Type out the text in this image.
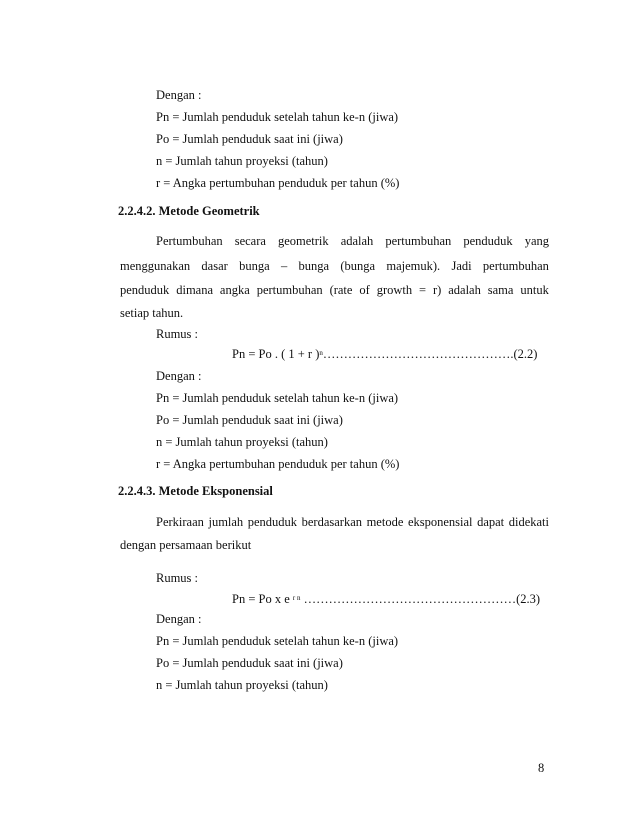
Dengan :
Pn = Jumlah penduduk setelah tahun ke-n (jiwa)
Po = Jumlah penduduk saat ini (jiwa)
n = Jumlah tahun proyeksi (tahun)
r = Angka pertumbuhan penduduk per tahun (%)
2.2.4.2. Metode Geometrik
Pertumbuhan secara geometrik adalah pertumbuhan penduduk yang
menggunakan dasar bunga – bunga (bunga majemuk). Jadi pertumbuhan
penduduk dimana angka pertumbuhan (rate of growth = r) adalah sama untuk
setiap tahun.
Rumus :
Pn = Po . ( 1 + r )$^n$……………………………………….(2.2)
Dengan :
Pn = Jumlah penduduk setelah tahun ke-n (jiwa)
Po = Jumlah penduduk saat ini (jiwa)
n = Jumlah tahun proyeksi (tahun)
r = Angka pertumbuhan penduduk per tahun (%)
2.2.4.3. Metode Eksponensial
Perkiraan jumlah penduduk berdasarkan metode eksponensial dapat didekati
dengan persamaan berikut
Rumus :
Pn = Po x e $^{r n}$ ……………………………………………(2.3)
Dengan :
Pn = Jumlah penduduk setelah tahun ke-n (jiwa)
Po = Jumlah penduduk saat ini (jiwa)
n = Jumlah tahun proyeksi (tahun)
8
